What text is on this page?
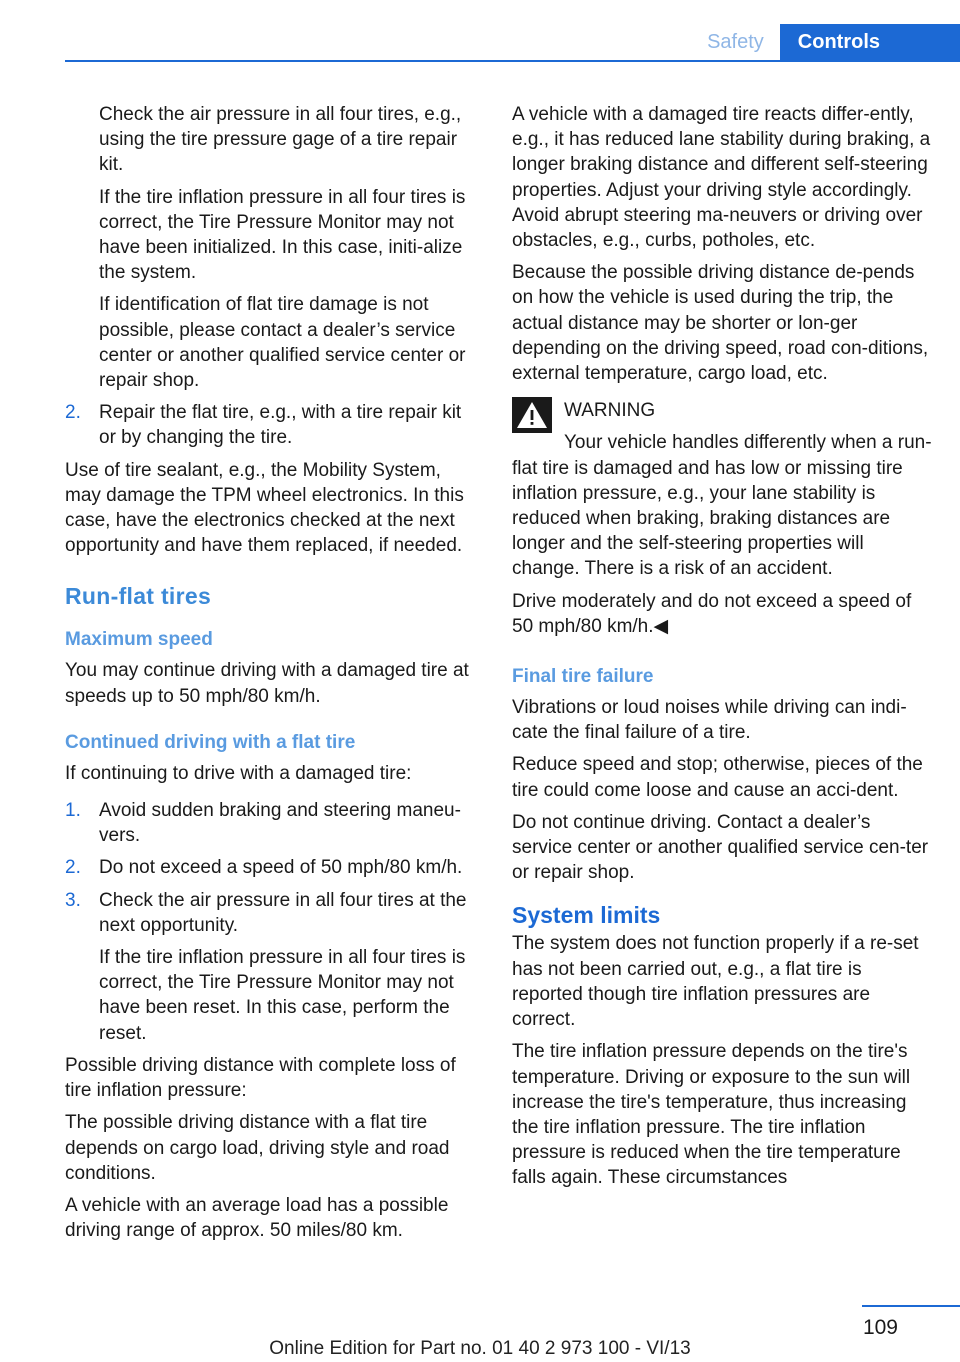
Safety	Controls

Check the air pressure in all four tires, e.g., using the tire pressure gage of a tire repair kit.

If the tire inflation pressure in all four tires is correct, the Tire Pressure Monitor may not have been initialized. In this case, initi‐alize the system.

If identification of flat tire damage is not possible, please contact a dealer’s service center or another qualified service center or repair shop.

2. Repair the flat tire, e.g., with a tire repair kit or by changing the tire.

Use of tire sealant, e.g., the Mobility System, may damage the TPM wheel electronics. In this case, have the electronics checked at the next opportunity and have them replaced, if needed.

Run-flat tires
Maximum speed

You may continue driving with a damaged tire at speeds up to 50 mph/80 km/h.

Continued driving with a flat tire

If continuing to drive with a damaged tire:

1. Avoid sudden braking and steering maneu‐vers.
2. Do not exceed a speed of 50 mph/80 km/h.
3. Check the air pressure in all four tires at the next opportunity.

If the tire inflation pressure in all four tires is correct, the Tire Pressure Monitor may not have been reset. In this case, perform the reset.

Possible driving distance with complete loss of tire inflation pressure:

The possible driving distance with a flat tire depends on cargo load, driving style and road conditions.

A vehicle with an average load has a possible driving range of approx. 50 miles/80 km.

A vehicle with a damaged tire reacts differ‐ently, e.g., it has reduced lane stability during braking, a longer braking distance and different self-steering properties. Adjust your driving style accordingly. Avoid abrupt steering ma‐neuvers or driving over obstacles, e.g., curbs, potholes, etc.

Because the possible driving distance de‐pends on how the vehicle is used during the trip, the actual distance may be shorter or lon‐ger depending on the driving speed, road con‐ditions, external temperature, cargo load, etc.

WARNING

Your vehicle handles differently when a run-flat tire is damaged and has low or missing tire inflation pressure, e.g., your lane stability is reduced when braking, braking distances are longer and the self-steering properties will change. There is a risk of an accident.

Drive moderately and do not exceed a speed of 50 mph/80 km/h.◀

Final tire failure

Vibrations or loud noises while driving can indi‐cate the final failure of a tire.

Reduce speed and stop; otherwise, pieces of the tire could come loose and cause an acci‐dent.

Do not continue driving. Contact a dealer’s service center or another qualified service cen‐ter or repair shop.

System limits

The system does not function properly if a re‐set has not been carried out, e.g., a flat tire is reported though tire inflation pressures are correct.

The tire inflation pressure depends on the tire's temperature. Driving or exposure to the sun will increase the tire's temperature, thus increasing the tire inflation pressure. The tire inflation pressure is reduced when the tire temperature falls again. These circumstances

109
Online Edition for Part no. 01 40 2 973 100 - VI/13
